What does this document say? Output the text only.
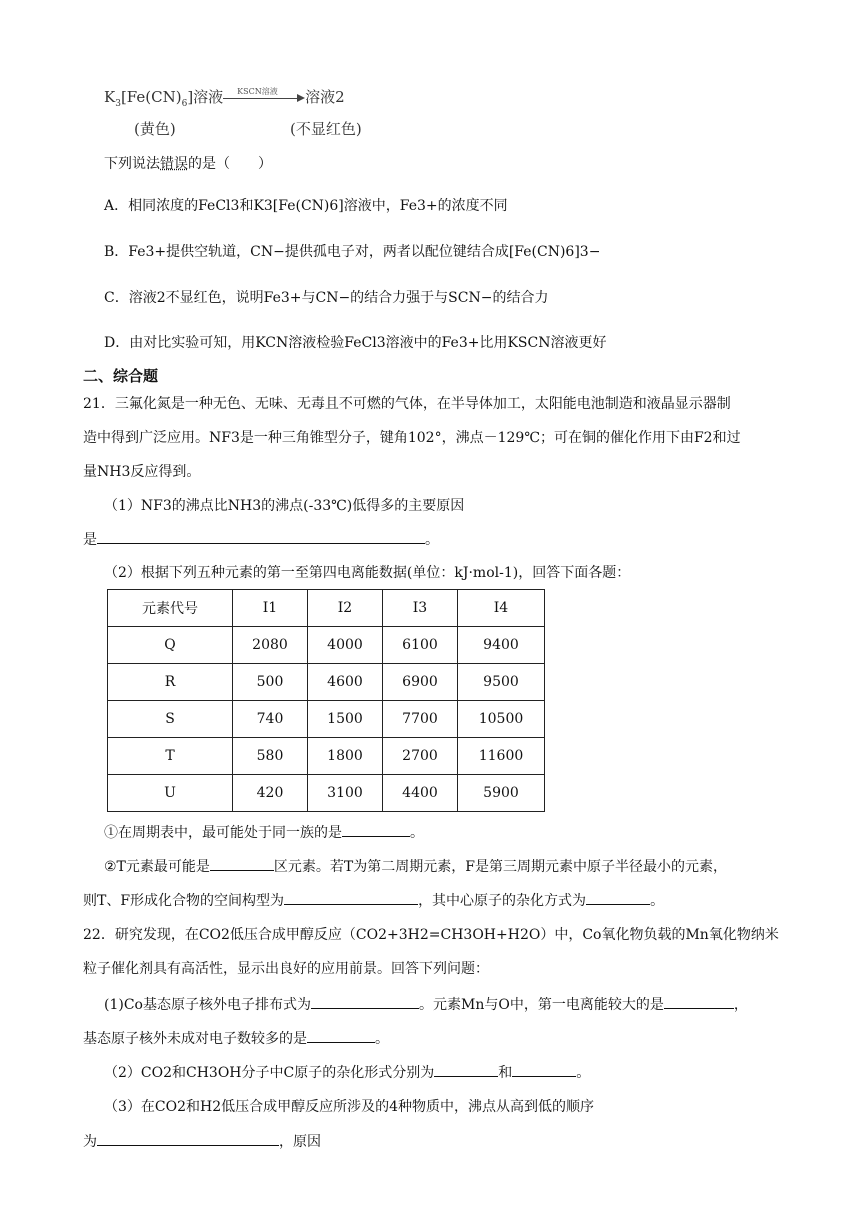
$K_3[Fe(CN)_6]$溶液 KSCN溶液 溶液2
(黄色)	(不显红色)
下列说法错误的是（　　）
A．相同浓度的FeCl3和K3[Fe(CN)6]溶液中，Fe3+的浓度不同
B．Fe3+提供空轨道，CN−提供孤电子对，两者以配位键结合成[Fe(CN)6]3−
C．溶液2不显红色，说明Fe3+与CN−的结合力强于与SCN−的结合力
D．由对比实验可知，用KCN溶液检验FeCl3溶液中的Fe3+比用KSCN溶液更好
二、综合题
21．三氟化氮是一种无色、无味、无毒且不可燃的气体，在半导体加工，太阳能电池制造和液晶显示器制
造中得到广泛应用。NF3是一种三角锥型分子，键角102°，沸点－129℃；可在铜的催化作用下由F2和过
量NH3反应得到。
（1）NF3的沸点比NH3的沸点(-33℃)低得多的主要原因
是	。
（2）根据下列五种元素的第一至第四电离能数据(单位：kJ·mol-1)，回答下面各题：
元素代号	I1	I2	I3	I4
Q	2080	4000	6100	9400
R	500	4600	6900	9500
S	740	1500	7700	10500
T	580	1800	2700	11600
U	420	3100	4400	5900
①在周期表中，最可能处于同一族的是	。
②T元素最可能是	区元素。若T为第二周期元素，F是第三周期元素中原子半径最小的元素，
则T、F形成化合物的空间构型为	，其中心原子的杂化方式为	。
22．研究发现，在CO2低压合成甲醇反应（CO2+3H2=CH3OH+H2O）中，Co氧化物负载的Mn氧化物纳米
粒子催化剂具有高活性，显示出良好的应用前景。回答下列问题：
(1)Co基态原子核外电子排布式为	。元素Mn与O中，第一电离能较大的是	，
基态原子核外未成对电子数较多的是	。
（2）CO2和CH3OH分子中C原子的杂化形式分别为	和	。
（3）在CO2和H2低压合成甲醇反应所涉及的4种物质中，沸点从高到低的顺序
为	，原因
